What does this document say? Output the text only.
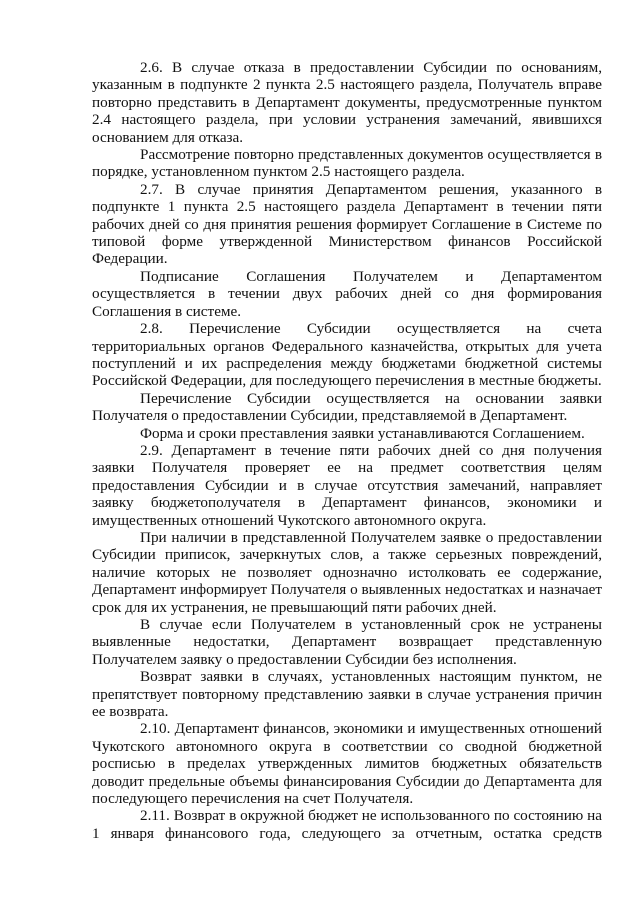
2.6. В случае отказа в предоставлении Субсидии по основаниям, указанным в подпункте 2 пункта 2.5 настоящего раздела, Получатель вправе повторно представить в Департамент документы, предусмотренные пунктом 2.4 настоящего раздела, при условии устранения замечаний, явившихся основанием для отказа.

Рассмотрение повторно представленных документов осуществляется в порядке, установленном пунктом 2.5 настоящего раздела.

2.7. В случае принятия Департаментом решения, указанного в подпункте 1 пункта 2.5 настоящего раздела Департамент в течении пяти рабочих дней со дня принятия решения формирует Соглашение в Системе по типовой форме утвержденной Министерством финансов Российской Федерации.

Подписание Соглашения Получателем и Департаментом осуществляется в течении двух рабочих дней со дня формирования Соглашения в системе.

2.8. Перечисление Субсидии осуществляется на счета территориальных органов Федерального казначейства, открытых для учета поступлений и их распределения между бюджетами бюджетной системы Российской Федерации, для последующего перечисления в местные бюджеты.

Перечисление Субсидии осуществляется на основании заявки Получателя о предоставлении Субсидии, представляемой в Департамент.

Форма и сроки преставления заявки устанавливаются Соглашением.

2.9. Департамент в течение пяти рабочих дней со дня получения заявки Получателя проверяет ее на предмет соответствия целям предоставления Субсидии и в случае отсутствия замечаний, направляет заявку бюджетополучателя в Департамент финансов, экономики и имущественных отношений Чукотского автономного округа.

При наличии в представленной Получателем заявке о предоставлении Субсидии приписок, зачеркнутых слов, а также серьезных повреждений, наличие которых не позволяет однозначно истолковать ее содержание, Департамент информирует Получателя о выявленных недостатках и назначает срок для их устранения, не превышающий пяти рабочих дней.

В случае если Получателем в установленный срок не устранены выявленные недостатки, Департамент возвращает представленную Получателем заявку о предоставлении Субсидии без исполнения.

Возврат заявки в случаях, установленных настоящим пунктом, не препятствует повторному представлению заявки в случае устранения причин ее возврата.

2.10. Департамент финансов, экономики и имущественных отношений Чукотского автономного округа в соответствии со сводной бюджетной росписью в пределах утвержденных лимитов бюджетных обязательств доводит предельные объемы финансирования Субсидии до Департамента для последующего перечисления на счет Получателя.

2.11. Возврат в окружной бюджет не использованного по состоянию на 1 января финансового года, следующего за отчетным, остатка средств
